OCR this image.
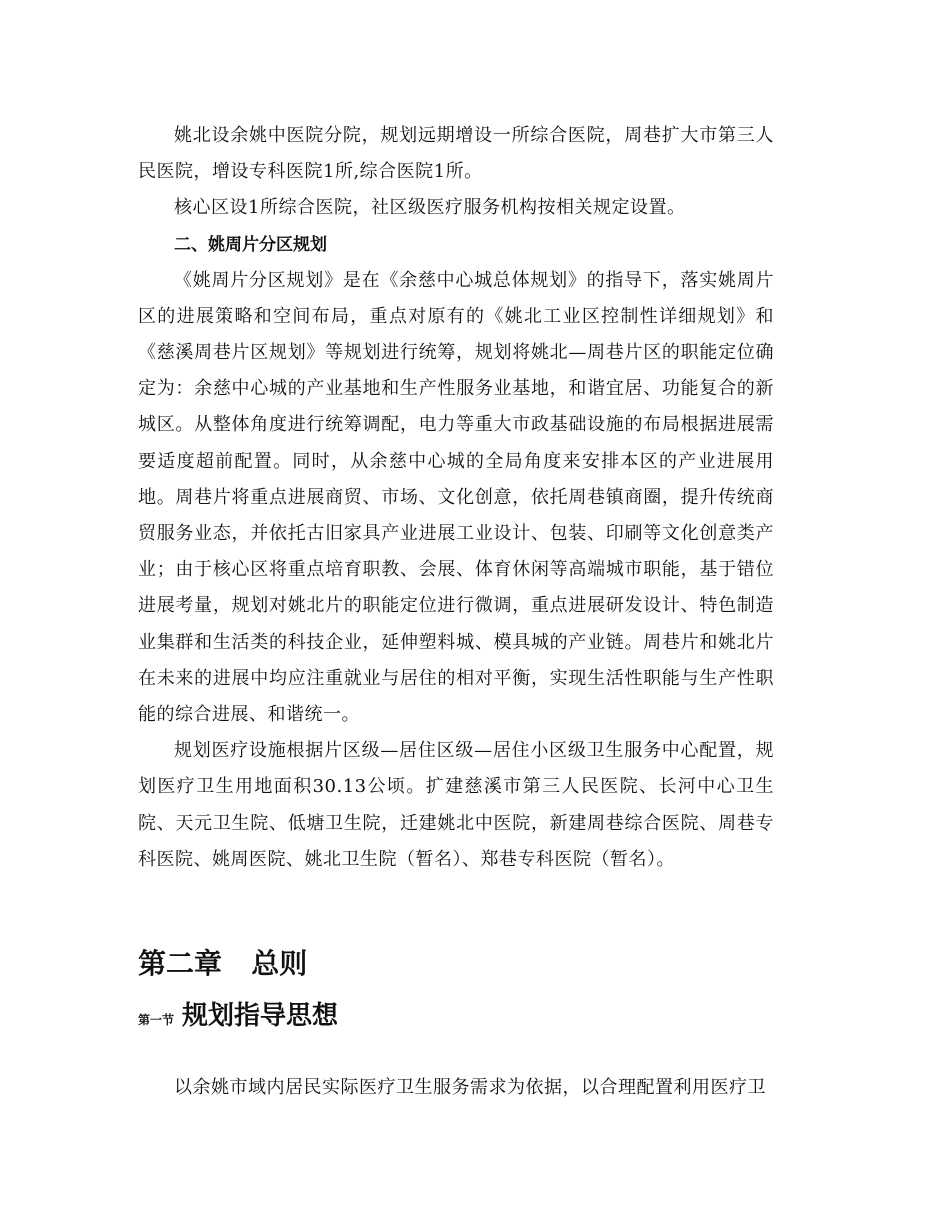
姚北设余姚中医院分院，规划远期增设一所综合医院，周巷扩大市第三人民医院，增设专科医院1所,综合医院1所。

核心区设1所综合医院，社区级医疗服务机构按相关规定设置。

二、姚周片分区规划

《姚周片分区规划》是在《余慈中心城总体规划》的指导下，落实姚周片区的进展策略和空间布局，重点对原有的《姚北工业区控制性详细规划》和《慈溪周巷片区规划》等规划进行统筹，规划将姚北—周巷片区的职能定位确定为：余慈中心城的产业基地和生产性服务业基地，和谐宜居、功能复合的新城区。从整体角度进行统筹调配，电力等重大市政基础设施的布局根据进展需要适度超前配置。同时，从余慈中心城的全局角度来安排本区的产业进展用地。周巷片将重点进展商贸、市场、文化创意，依托周巷镇商圈，提升传统商贸服务业态，并依托古旧家具产业进展工业设计、包装、印刷等文化创意类产业；由于核心区将重点培育职教、会展、体育休闲等高端城市职能，基于错位进展考量，规划对姚北片的职能定位进行微调，重点进展研发设计、特色制造业集群和生活类的科技企业，延伸塑料城、模具城的产业链。周巷片和姚北片在未来的进展中均应注重就业与居住的相对平衡，实现生活性职能与生产性职能的综合进展、和谐统一。

规划医疗设施根据片区级—居住区级—居住小区级卫生服务中心配置，规划医疗卫生用地面积30.13公顷。扩建慈溪市第三人民医院、长河中心卫生院、天元卫生院、低塘卫生院，迁建姚北中医院，新建周巷综合医院、周巷专科医院、姚周医院、姚北卫生院（暂名）、郑巷专科医院（暂名）。

第二章   总则
第一节 规划指导思想

以余姚市域内居民实际医疗卫生服务需求为依据，以合理配置利用医疗卫
